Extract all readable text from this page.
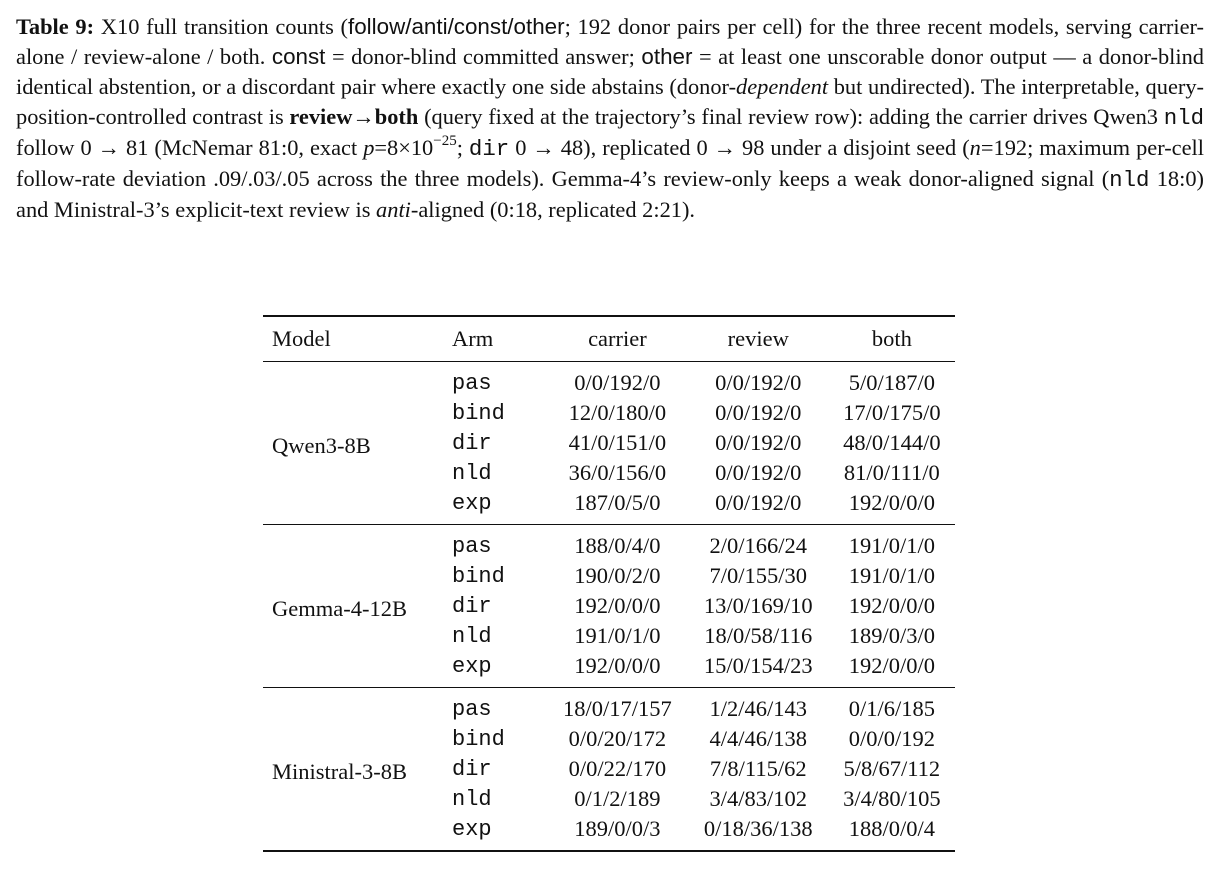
Table 9: X10 full transition counts (follow/anti/const/other; 192 donor pairs per cell) for the three recent models, serving carrier-alone / review-alone / both. const = donor-blind committed answer; other = at least one unscorable donor output — a donor-blind identical abstention, or a discordant pair where exactly one side abstains (donor-dependent but undirected). The interpretable, query-position-controlled contrast is review→both (query fixed at the trajectory’s final review row): adding the carrier drives Qwen3 nld follow 0 → 81 (McNemar 81:0, exact $p=8\times 10^{-25}$; dir 0 → 48), replicated 0 → 98 under a disjoint seed (n=192; maximum per-cell follow-rate deviation .09/.03/.05 across the three models). Gemma-4’s review-only keeps a weak donor-aligned signal (nld 18:0) and Ministral-3’s explicit-text review is anti-aligned (0:18, replicated 2:21).
Model	Arm	carrier	review	both
Qwen3-8B	pas	0/0/192/0	0/0/192/0	5/0/187/0
	bind	12/0/180/0	0/0/192/0	17/0/175/0
	dir	41/0/151/0	0/0/192/0	48/0/144/0
	nld	36/0/156/0	0/0/192/0	81/0/111/0
	exp	187/0/5/0	0/0/192/0	192/0/0/0
Gemma-4-12B	pas	188/0/4/0	2/0/166/24	191/0/1/0
	bind	190/0/2/0	7/0/155/30	191/0/1/0
	dir	192/0/0/0	13/0/169/10	192/0/0/0
	nld	191/0/1/0	18/0/58/116	189/0/3/0
	exp	192/0/0/0	15/0/154/23	192/0/0/0
Ministral-3-8B	pas	18/0/17/157	1/2/46/143	0/1/6/185
	bind	0/0/20/172	4/4/46/138	0/0/0/192
	dir	0/0/22/170	7/8/115/62	5/8/67/112
	nld	0/1/2/189	3/4/83/102	3/4/80/105
	exp	189/0/0/3	0/18/36/138	188/0/0/4
